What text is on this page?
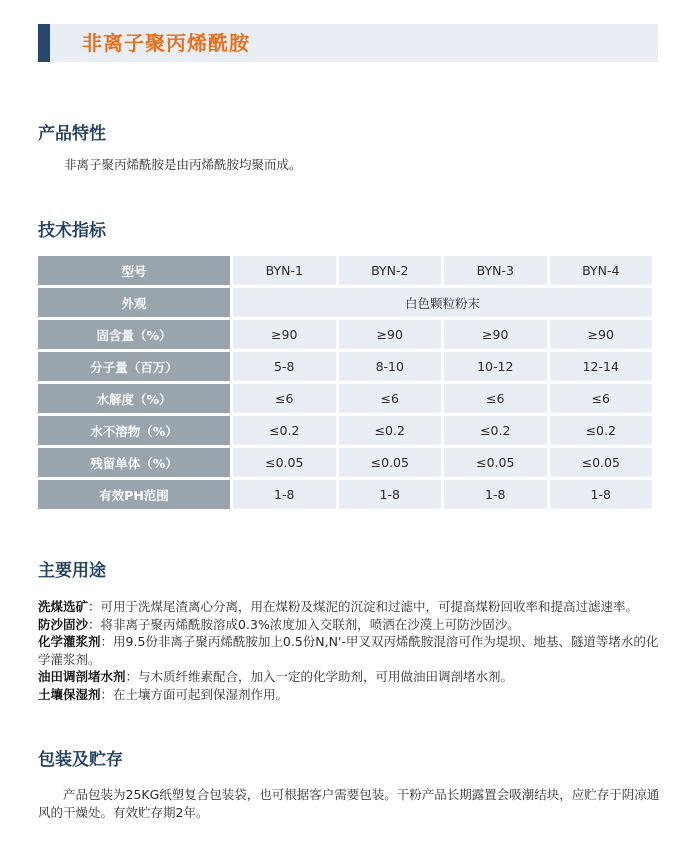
非离子聚丙烯酰胺
产品特性
非离子聚丙烯酰胺是由丙烯酰胺均聚而成。
技术指标
型号	BYN-1	BYN-2	BYN-3	BYN-4
外观	白色颗粒粉末			
固含量（%）	≥90	≥90	≥90	≥90
分子量（百万）	5-8	8-10	10-12	12-14
水解度（%）	≤6	≤6	≤6	≤6
水不溶物（%）	≤0.2	≤0.2	≤0.2	≤0.2
残留单体（%）	≤0.05	≤0.05	≤0.05	≤0.05
有效PH范围	1-8	1-8	1-8	1-8
主要用途

洗煤选矿：可用于洗煤尾渣离心分离，用在煤粉及煤泥的沉淀和过滤中，可提高煤粉回收率和提高过滤速率。

防沙固沙：将非离子聚丙烯酰胺溶成0.3%浓度加入交联剂，喷洒在沙漠上可防沙固沙。

化学灌浆剂：用9.5份非离子聚丙烯酰胺加上0.5份N,N'-甲叉双丙烯酰胺混溶可作为堤坝、地基、隧道等堵水的化学灌浆剂。

油田调剖堵水剂：与木质纤维素配合，加入一定的化学助剂，可用做油田调剖堵水剂。

土壤保湿剂：在土壤方面可起到保湿剂作用。

包装及贮存
产品包装为25KG纸塑复合包装袋，也可根据客户需要包装。干粉产品长期露置会吸潮结块，应贮存于阴凉通风的干燥处。有效贮存期2年。
